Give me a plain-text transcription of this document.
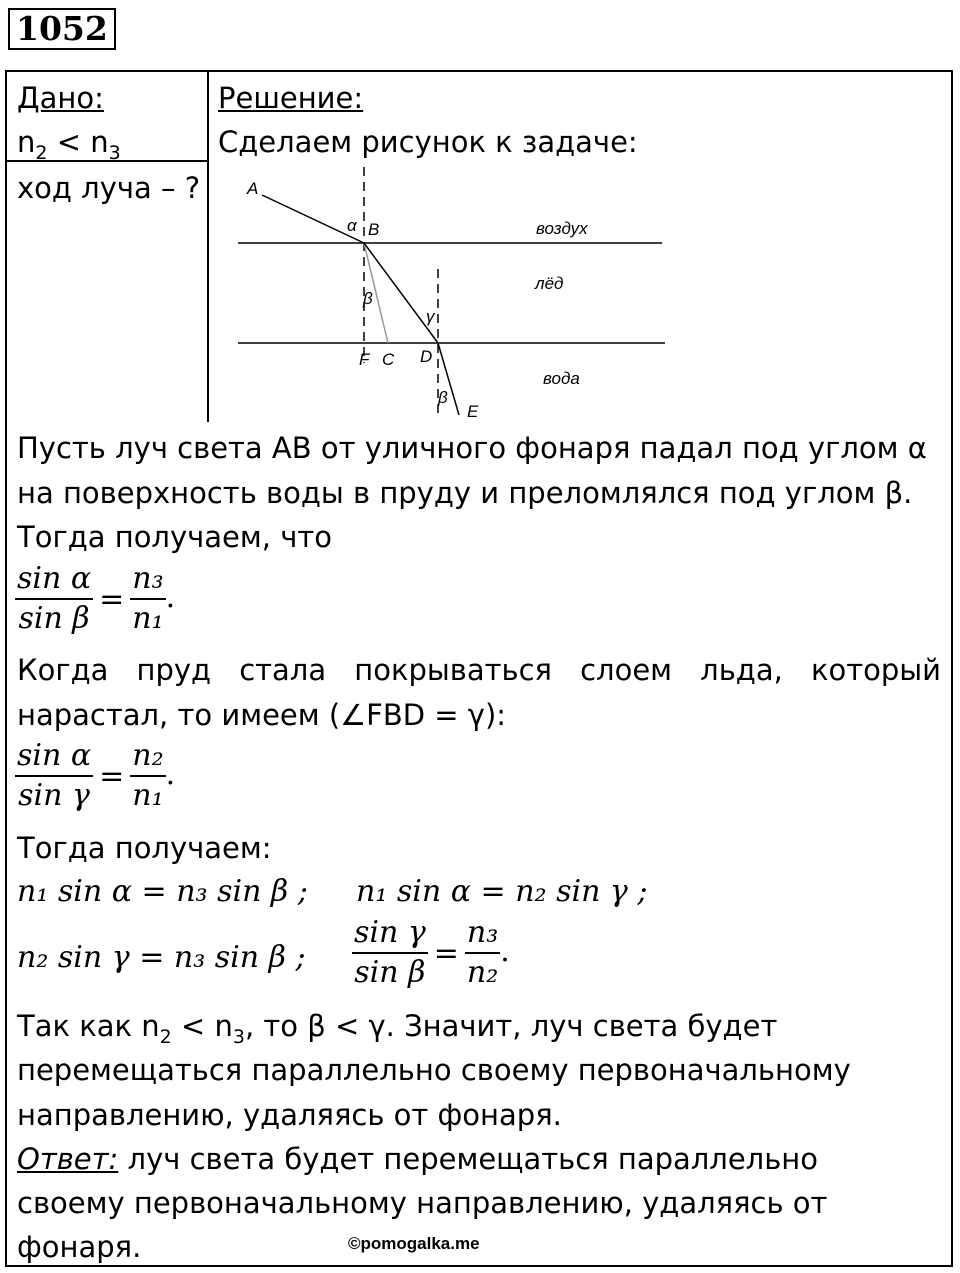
1052
Дано:
$n_2 < n_3$
ход луча – ?
Решение:
Сделаем рисунок к задаче:
A
α B	воздух
лёд
β
γ
F C D
вода
β
E
Пусть луч света АВ от уличного фонаря падал под углом α
на поверхность воды в пруду и преломлялся под углом β.
Тогда получаем, что
$\frac{\text{sin α}}{\text{sin β}} = \frac{\text{n₃}}{\text{n₁}}$ .
Когда пруд стала покрываться слоем льда, который
нарастал, то имеем (∠FBD = γ):
$\frac{\text{sin α}}{\text{sin γ}} = \frac{\text{n₂}}{\text{n₁}}$ .
Тогда получаем:
n₁ sin α = n₃ sin β ; n₁ sin α = n₂ sin γ ;
n₂ sin γ = n₃ sin β ; $\frac{\text{sin γ}}{\text{sin β}} = \frac{\text{n₃}}{\text{n₂}}$ .
Так как $n_2 < n_3$, то β < γ. Значит, луч света будет
перемещаться параллельно своему первоначальному
направлению, удаляясь от фонаря.
Ответ: луч света будет перемещаться параллельно
своему первоначальному направлению, удаляясь от
фонаря.	©pomogalka.me
